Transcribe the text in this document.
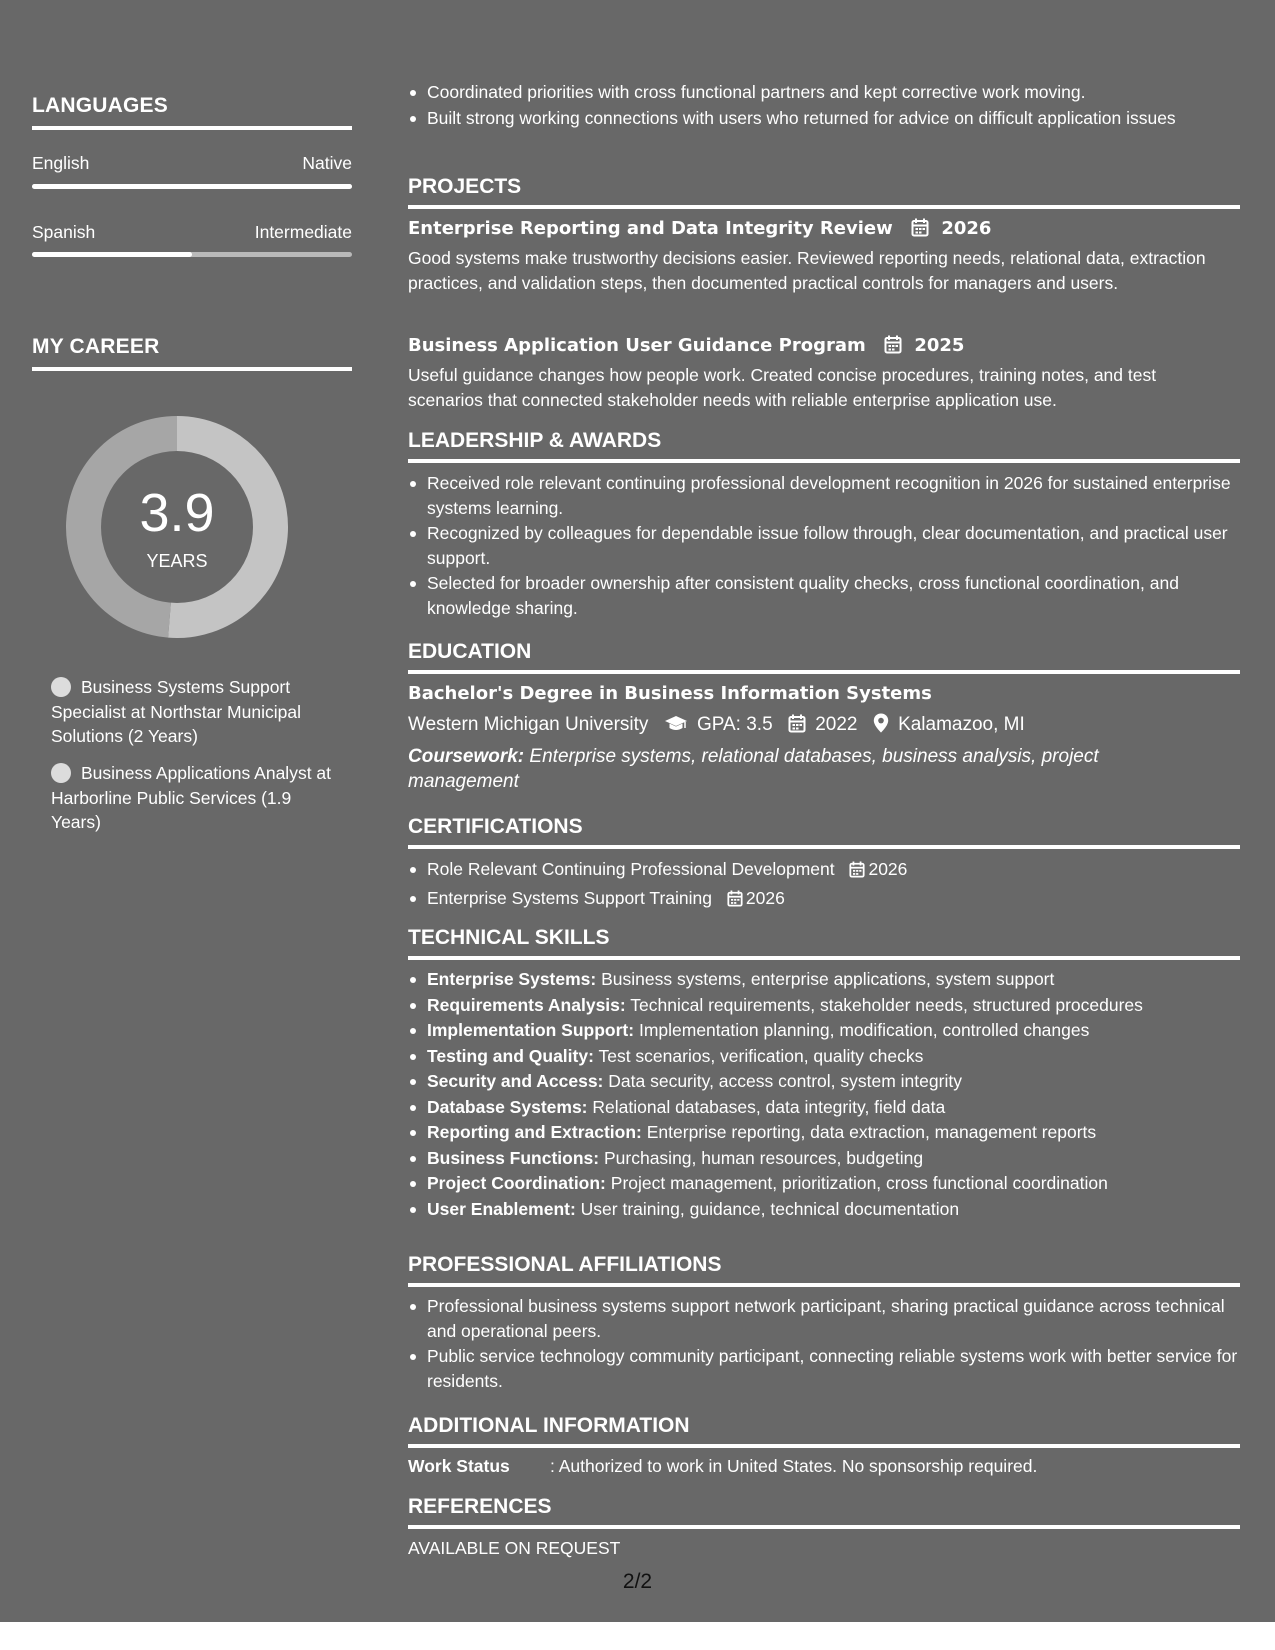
LANGUAGES
English	Native
Spanish	Intermediate
MY CAREER
3.9
YEARS
Business Systems Support Specialist at Northstar Municipal Solutions (2 Years)
Business Applications Analyst at Harborline Public Services (1.9 Years)
Coordinated priorities with cross functional partners and kept corrective work moving.
Built strong working connections with users who returned for advice on difficult application issues
PROJECTS
Enterprise Reporting and Data Integrity Review	2026
Good systems make trustworthy decisions easier. Reviewed reporting needs, relational data, extraction practices, and validation steps, then documented practical controls for managers and users.
Business Application User Guidance Program	2025
Useful guidance changes how people work. Created concise procedures, training notes, and test scenarios that connected stakeholder needs with reliable enterprise application use.
LEADERSHIP & AWARDS
Received role relevant continuing professional development recognition in 2026 for sustained enterprise systems learning.
Recognized by colleagues for dependable issue follow through, clear documentation, and practical user support.
Selected for broader ownership after consistent quality checks, cross functional coordination, and knowledge sharing.
EDUCATION
Bachelor's Degree in Business Information Systems
Western Michigan University	GPA: 3.5 2022 Kalamazoo, MI
Coursework: Enterprise systems, relational databases, business analysis, project management
CERTIFICATIONS
Role Relevant Continuing Professional Development 2026
Enterprise Systems Support Training 2026
TECHNICAL SKILLS
Enterprise Systems: Business systems, enterprise applications, system support
Requirements Analysis: Technical requirements, stakeholder needs, structured procedures
Implementation Support: Implementation planning, modification, controlled changes
Testing and Quality: Test scenarios, verification, quality checks
Security and Access: Data security, access control, system integrity
Database Systems: Relational databases, data integrity, field data
Reporting and Extraction: Enterprise reporting, data extraction, management reports
Business Functions: Purchasing, human resources, budgeting
Project Coordination: Project management, prioritization, cross functional coordination
User Enablement: User training, guidance, technical documentation
PROFESSIONAL AFFILIATIONS
Professional business systems support network participant, sharing practical guidance across technical and operational peers.
Public service technology community participant, connecting reliable systems work with better service for residents.
ADDITIONAL INFORMATION
Work Status : Authorized to work in United States. No sponsorship required.
REFERENCES
AVAILABLE ON REQUEST
2/2
